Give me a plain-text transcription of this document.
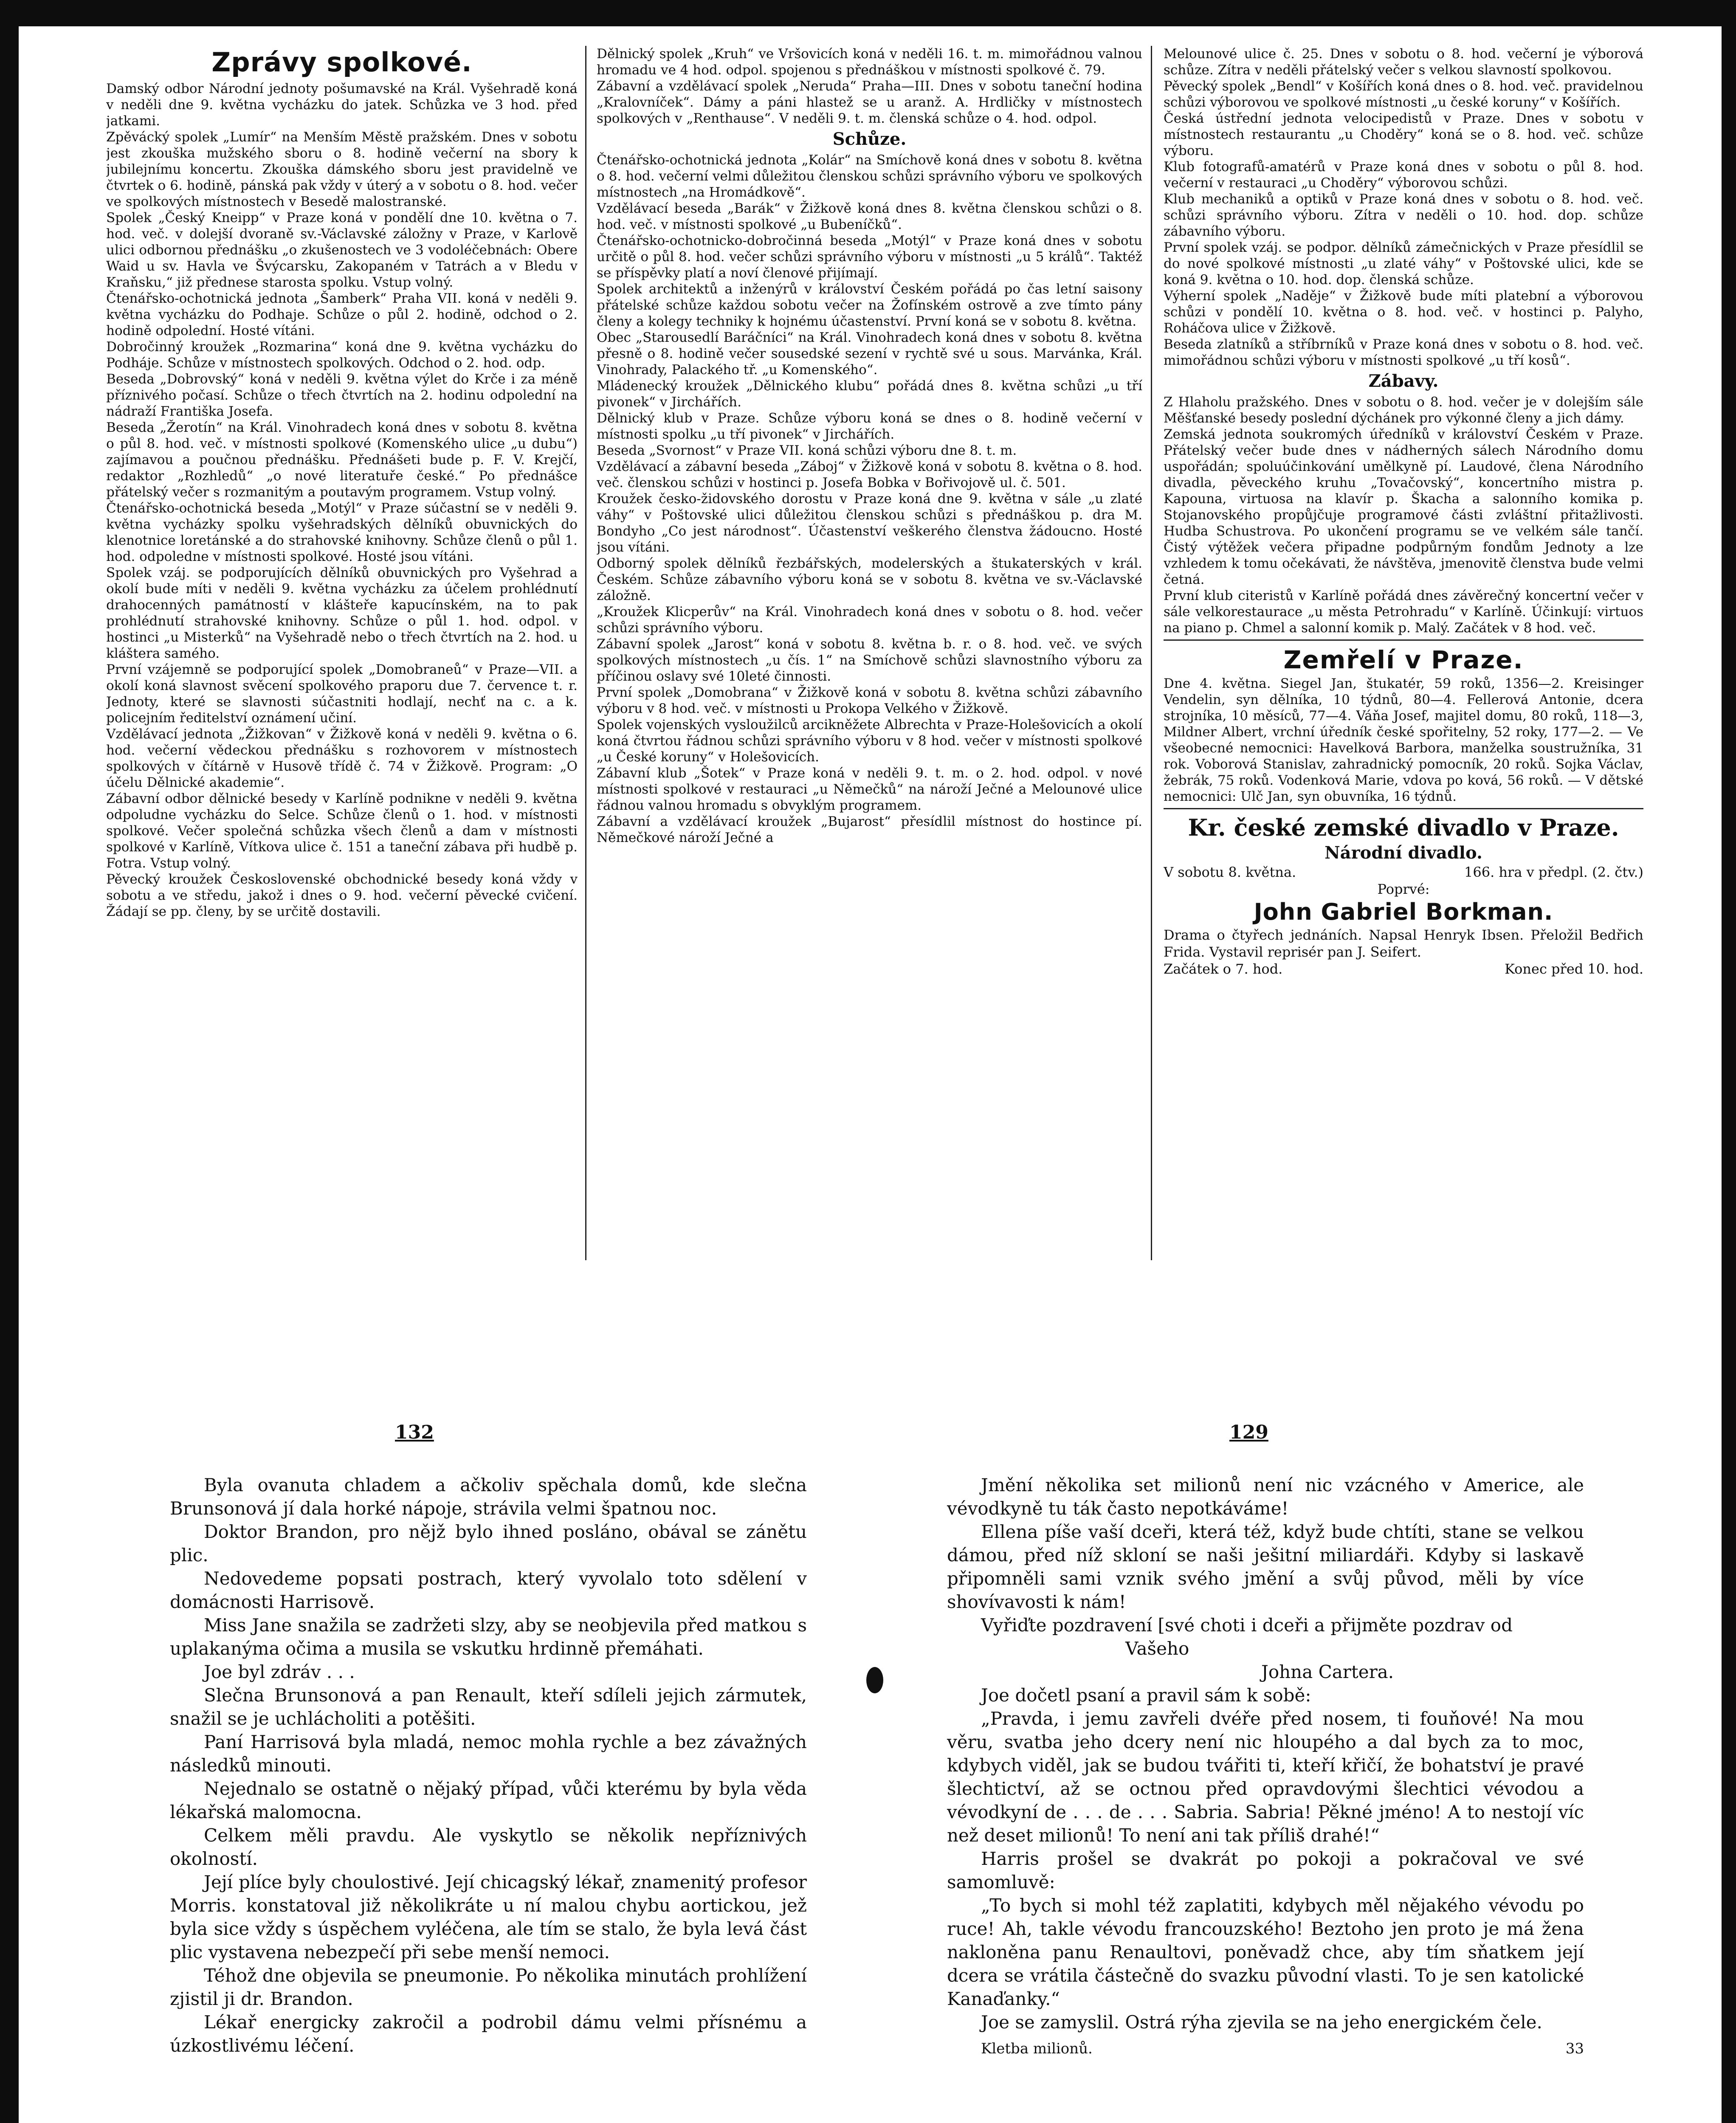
Zprávy spolkové.

Damský odbor Národní jednoty pošumavské na Král. Vyšehradě koná v neděli dne 9. května vycházku do jatek. Schůzka ve 3 hod. před jatkami.

Zpěvácký spolek „Lumír“ na Menším Městě pražském. Dnes v sobotu jest zkouška mužského sboru o 8. hodině večerní na sbory k jubilejnímu koncertu. Zkouška dámského sboru jest pravidelně ve čtvrtek o 6. hodině, pánská pak vždy v úterý a v sobotu o 8. hod. večer ve spolkových místnostech v Besedě malostranské.

Spolek „Český Kneipp“ v Praze koná v pondělí dne 10. května o 7. hod. več. v dolejší dvoraně sv.-Václavské záložny v Praze, v Karlově ulici odbornou přednášku „o zkušenostech ve 3 vodoléčebnách: Obere Waid u sv. Havla ve Švýcarsku, Zakopaném v Tatrách a v Bledu v Kraňsku,“ již přednese starosta spolku. Vstup volný.

Čtenářsko-ochotnická jednota „Šamberk“ Praha VII. koná v neděli 9. května vycházku do Podhaje. Schůze o půl 2. hodině, odchod o 2. hodině odpolední. Hosté vítáni.

Dobročinný kroužek „Rozmarina“ koná dne 9. května vycházku do Podháje. Schůze v místnostech spolkových. Odchod o 2. hod. odp.

Beseda „Dobrovský“ koná v neděli 9. května výlet do Krče i za méně příznivého počasí. Schůze o třech čtvrtích na 2. hodinu odpolední na nádraží Františka Josefa.

Beseda „Žerotín“ na Král. Vinohradech koná dnes v sobotu 8. května o půl 8. hod. več. v místnosti spolkové (Komenského ulice „u dubu“) zajímavou a poučnou přednášku. Přednášeti bude p. F. V. Krejčí, redaktor „Rozhledů“ „o nové literatuře české.“ Po přednášce přátelský večer s rozmanitým a poutavým programem. Vstup volný.

Čtenářsko-ochotnická beseda „Motýl“ v Praze súčastní se v neděli 9. května vycházky spolku vyšehradských dělníků obuvnických do klenotnice loretánské a do strahovské knihovny. Schůze členů o půl 1. hod. odpoledne v místnosti spolkové. Hosté jsou vítáni.

Spolek vzáj. se podporujících dělníků obuvnických pro Vyšehrad a okolí bude míti v neděli 9. května vycházku za účelem prohlédnutí drahocenných památností v klášteře kapucínském, na to pak prohlédnutí strahovské knihovny. Schůze o půl 1. hod. odpol. v hostinci „u Misterků“ na Vyšehradě nebo o třech čtvrtích na 2. hod. u kláštera samého.

První vzájemně se podporující spolek „Domobraneů“ v Praze—VII. a okolí koná slavnost svěcení spolkového praporu due 7. července t. r. Jednoty, které se slavnosti súčastniti hodlají, nechť na c. a k. policejním ředitelství oznámení učiní.

Vzdělávací jednota „Žižkovan“ v Žižkově koná v neděli 9. května o 6. hod. večerní vědeckou přednášku s rozhovorem v místnostech spolkových v čítárně v Husově třídě č. 74 v Žižkově. Program: „O účelu Dělnické akademie“.

Zábavní odbor dělnické besedy v Karlíně podnikne v neděli 9. května odpoludne vycházku do Selce. Schůze členů o 1. hod. v místnosti spolkové. Večer společná schůzka všech členů a dam v místnosti spolkové v Karlíně, Vítkova ulice č. 151 a taneční zábava při hudbě p. Fotra. Vstup volný.

Pěvecký kroužek Československé obchodnické besedy koná vždy v sobotu a ve středu, jakož i dnes o 9. hod. večerní pěvecké cvičení. Žádají se pp. členy, by se určitě dostavili.

Dělnický spolek „Kruh“ ve Vršovicích koná v neděli 16. t. m. mimořádnou valnou hromadu ve 4 hod. odpol. spojenou s přednáškou v místnosti spolkové č. 79.

Zábavní a vzdělávací spolek „Neruda“ Praha—III. Dnes v sobotu taneční hodina „Kralovníček“. Dámy a páni hlastež se u aranž. A. Hrdličky v místnostech spolkových v „Renthause“. V neděli 9. t. m. členská schůze o 4. hod. odpol.

Schůze.

Čtenářsko-ochotnická jednota „Kolár“ na Smíchově koná dnes v sobotu 8. května o 8. hod. večerní velmi důležitou členskou schůzi správního výboru ve spolkových místnostech „na Hromádkově“.

Vzdělávací beseda „Barák“ v Žižkově koná dnes 8. května členskou schůzi o 8. hod. več. v místnosti spolkové „u Bubeníčků“.

Čtenářsko-ochotnicko-dobročinná beseda „Motýl“ v Praze koná dnes v sobotu určitě o půl 8. hod. večer schůzi správního výboru v místnosti „u 5 králů“. Taktéž se příspěvky platí a noví členové přijímají.

Spolek architektů a inženýrů v království Českém pořádá po čas letní saisony přátelské schůze každou sobotu večer na Žofínském ostrově a zve tímto pány členy a kolegy techniky k hojnému účastenství. První koná se v sobotu 8. května.

Obec „Starousedlí Baráčníci“ na Král. Vinohradech koná dnes v sobotu 8. května přesně o 8. hodině večer sousedské sezení v rychtě své u sous. Marvánka, Král. Vinohrady, Palackého tř. „u Komenského“.

Mládenecký kroužek „Dělnického klubu“ pořádá dnes 8. května schůzi „u tří pivonek“ v Jirchářích.

Dělnický klub v Praze. Schůze výboru koná se dnes o 8. hodině večerní v místnosti spolku „u tří pivonek“ v Jirchářích.

Beseda „Svornost“ v Praze VII. koná schůzi výboru dne 8. t. m.

Vzdělávací a zábavní beseda „Záboj“ v Žižkově koná v sobotu 8. května o 8. hod. več. členskou schůzi v hostinci p. Josefa Bobka v Bořivojově ul. č. 501.

Kroužek česko-židovského dorostu v Praze koná dne 9. května v sále „u zlaté váhy“ v Poštovské ulici důležitou členskou schůzi s přednáškou p. dra M. Bondyho „Co jest národnost“. Účastenství veškerého členstva žádoucno. Hosté jsou vítáni.

Odborný spolek dělníků řezbářských, modelerských a štukaterských v král. Českém. Schůze zábavního výboru koná se v sobotu 8. května ve sv.-Václavské záložně.

„Kroužek Klicperův“ na Král. Vinohradech koná dnes v sobotu o 8. hod. večer schůzi správního výboru.

Zábavní spolek „Jarost“ koná v sobotu 8. května b. r. o 8. hod. več. ve svých spolkových místnostech „u čís. 1“ na Smíchově schůzi slavnostního výboru za příčinou oslavy své 10leté činnosti.

První spolek „Domobrana“ v Žižkově koná v sobotu 8. května schůzi zábavního výboru v 8 hod. več. v místnosti u Prokopa Velkého v Žižkově.

Spolek vojenských vysloužilců arcikněžete Albrechta v Praze-Holešovicích a okolí koná čtvrtou řádnou schůzi správního výboru v 8 hod. večer v místnosti spolkové „u České koruny“ v Holešovicích.

Zábavní klub „Šotek“ v Praze koná v neděli 9. t. m. o 2. hod. odpol. v nové místnosti spolkové v restauraci „u Němečků“ na nároží Ječné a Melounové ulice řádnou valnou hromadu s obvyklým programem.

Zábavní a vzdělávací kroužek „Bujarost“ přesídlil místnost do hostince pí. Němečkové nároží Ječné a

Melounové ulice č. 25. Dnes v sobotu o 8. hod. večerní je výborová schůze. Zítra v neděli přátelský večer s velkou slavností spolkovou.

Pěvecký spolek „Bendl“ v Košířích koná dnes o 8. hod. več. pravidelnou schůzi výborovou ve spolkové místnosti „u české koruny“ v Košířích.

Česká ústřední jednota velocipedistů v Praze. Dnes v sobotu v místnostech restaurantu „u Choděry“ koná se o 8. hod. več. schůze výboru.

Klub fotografů-amatérů v Praze koná dnes v sobotu o půl 8. hod. večerní v restauraci „u Choděry“ výborovou schůzi.

Klub mechaniků a optiků v Praze koná dnes v sobotu o 8. hod. več. schůzi správního výboru. Zítra v neděli o 10. hod. dop. schůze zábavního výboru.

První spolek vzáj. se podpor. dělníků zámečnických v Praze přesídlil se do nové spolkové místnosti „u zlaté váhy“ v Poštovské ulici, kde se koná 9. května o 10. hod. dop. členská schůze.

Výherní spolek „Naděje“ v Žižkově bude míti platební a výborovou schůzi v pondělí 10. května o 8. hod. več. v hostinci p. Palyho, Roháčova ulice v Žižkově.

Beseda zlatníků a stříbrníků v Praze koná dnes v sobotu o 8. hod. več. mimořádnou schůzi výboru v místnosti spolkové „u tří kosů“.

Zábavy.

Z Hlaholu pražského. Dnes v sobotu o 8. hod. večer je v dolejším sále Měšťanské besedy poslední dýchánek pro výkonné členy a jich dámy.

Zemská jednota soukromých úředníků v království Českém v Praze. Přátelský večer bude dnes v nádherných sálech Národního domu uspořádán; spoluúčinkování umělkyně pí. Laudové, člena Národního divadla, pěveckého kruhu „Tovačovský“, koncertního mistra p. Kapouna, virtuosa na klavír p. Škacha a salonního komika p. Stojanovského propůjčuje programové části zvláštní přitažlivosti. Hudba Schustrova. Po ukončení programu se ve velkém sále tančí. Čistý výtěžek večera připadne podpůrným fondům Jednoty a lze vzhledem k tomu očekávati, že návštěva, jmenovitě členstva bude velmi četná.

První klub citeristů v Karlíně pořádá dnes závěrečný koncertní večer v sále velkorestaurace „u města Petrohradu“ v Karlíně. Účinkují: virtuos na piano p. Chmel a salonní komik p. Malý. Začátek v 8 hod. več.

Zemřelí v Praze.

Dne 4. května. Siegel Jan, štukatér, 59 roků, 1356—2. Kreisinger Vendelin, syn dělníka, 10 týdnů, 80—4. Fellerová Antonie, dcera strojníka, 10 měsíců, 77—4. Váňa Josef, majitel domu, 80 roků, 118—3, Mildner Albert, vrchní úředník české spořitelny, 52 roky, 177—2. — Ve všeobecné nemocnici: Havelková Barbora, manželka soustružníka, 31 rok. Voborová Stanislav, zahradnický pomocník, 20 roků. Sojka Václav, žebrák, 75 roků. Vodenková Marie, vdova po ková, 56 roků. — V dětské nemocnici: Ulč Jan, syn obuvníka, 16 týdnů.

Kr. české zemské divadlo v Praze.
Národní divadlo.
V sobotu 8. května.	166. hra v předpl. (2. čtv.)
Poprvé:
John Gabriel Borkman.

Drama o čtyřech jednáních. Napsal Henryk Ibsen. Přeložil Bedřich Frida. Vystavil reprisér pan J. Seifert.

Začátek o 7. hod.	Konec před 10. hod.
132	129

Byla ovanuta chladem a ačkoliv spěchala domů, kde slečna Brunsonová jí dala horké nápoje, strávila velmi špatnou noc.

Doktor Brandon, pro nějž bylo ihned posláno, obával se zánětu plic.

Nedovedeme popsati postrach, který vyvolalo toto sdělení v domácnosti Harrisově.

Miss Jane snažila se zadržeti slzy, aby se neobjevila před matkou s uplakanýma očima a musila se vskutku hrdinně přemáhati.

Joe byl zdráv . . .

Slečna Brunsonová a pan Renault, kteří sdíleli jejich zármutek, snažil se je uchlácholiti a potěšiti.

Paní Harrisová byla mladá, nemoc mohla rychle a bez závažných následků minouti.

Nejednalo se ostatně o nějaký případ, vůči kterému by byla věda lékařská malomocna.

Celkem měli pravdu. Ale vyskytlo se několik nepříznivých okolností.

Její plíce byly choulostivé. Její chicagský lékař, znamenitý profesor Morris. konstatoval již několikráte u ní malou chybu aortickou, jež byla sice vždy s úspěchem vyléčena, ale tím se stalo, že byla levá část plic vystavena nebezpečí při sebe menší nemoci.

Téhož dne objevila se pneumonie. Po několika minutách prohlížení zjistil ji dr. Brandon.

Lékař energicky zakročil a podrobil dámu velmi přísnému a úzkostlivému léčení.

Jmění několika set milionů není nic vzácného v Americe, ale vévodkyně tu ták často nepotkáváme!

Ellena píše vaší dceři, která též, když bude chtíti, stane se velkou dámou, před níž skloní se naši ješitní miliardáři. Kdyby si laskavě připomněli sami vznik svého jmění a svůj původ, měli by více shovívavosti k nám!

Vyřiďte pozdravení [své choti i dceři a přijměte pozdrav od

Vašeho

Johna Cartera.

Joe dočetl psaní a pravil sám k sobě:

„Pravda, i jemu zavřeli dvéře před nosem, ti fouňové! Na mou věru, svatba jeho dcery není nic hloupého a dal bych za to moc, kdybych viděl, jak se budou tvářiti ti, kteří křičí, že bohatství je pravé šlechtictví, až se octnou před opravdovými šlechtici vévodou a vévodkyní de . . . de . . . Sabria. Sabria! Pěkné jméno! A to nestojí víc než deset milionů! To není ani tak příliš drahé!“

Harris prošel se dvakrát po pokoji a pokračoval ve své samomluvě:

„To bych si mohl též zaplatiti, kdybych měl nějakého vévodu po ruce! Ah, takle vévodu francouzského! Beztoho jen proto je má žena nakloněna panu Renaultovi, poněvadž chce, aby tím sňatkem její dcera se vrátila částečně do svazku původní vlasti. To je sen katolické Kanaďanky.“

Joe se zamyslil. Ostrá rýha zjevila se na jeho energickém čele.

Kletba milionů.	33
